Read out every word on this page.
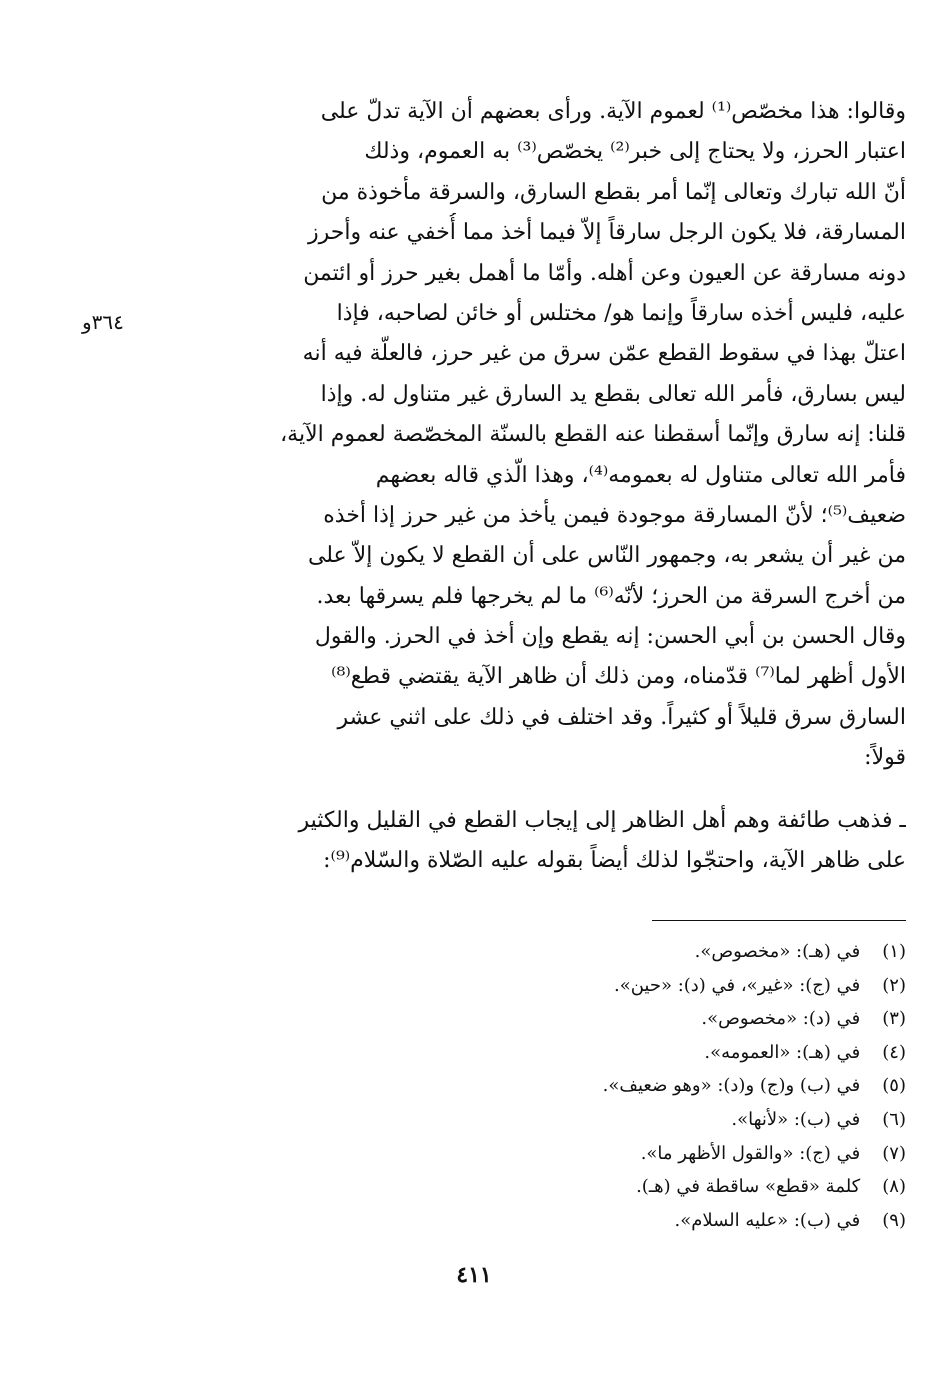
وقالوا: هذا مخصّص⁽¹⁾ لعموم الآية. ورأى بعضهم أن الآية تدلّ على
اعتبار الحرز، ولا يحتاج إلى خبر⁽²⁾ يخصّص⁽³⁾ به العموم، وذلك
أنّ الله تبارك وتعالى إنّما أمر بقطع السارق، والسرقة مأخوذة من
المسارقة، فلا يكون الرجل سارقاً إلاّ فيما أخذ مما أُخفي عنه وأحرز
دونه مسارقة عن العيون وعن أهله. وأمّا ما أهمل بغير حرز أو ائتمن
عليه، فليس أخذه سارقاً وإنما هو/ مختلس أو خائن لصاحبه، فإذا
اعتلّ بهذا في سقوط القطع عمّن سرق من غير حرز، فالعلّة فيه أنه
ليس بسارق، فأمر الله تعالى بقطع يد السارق غير متناول له. وإذا
قلنا: إنه سارق وإنّما أسقطنا عنه القطع بالسنّة المخصّصة لعموم الآية،
فأمر الله تعالى متناول له بعمومه⁽⁴⁾، وهذا الّذي قاله بعضهم
ضعيف⁽⁵⁾؛ لأنّ المسارقة موجودة فيمن يأخذ من غير حرز إذا أخذه
من غير أن يشعر به، وجمهور النّاس على أن القطع لا يكون إلاّ على
من أخرج السرقة من الحرز؛ لأنّه⁽⁶⁾ ما لم يخرجها فلم يسرقها بعد.
وقال الحسن بن أبي الحسن: إنه يقطع وإن أخذ في الحرز. والقول
الأول أظهر لما⁽⁷⁾ قدّمناه، ومن ذلك أن ظاهر الآية يقتضي قطع⁽⁸⁾
السارق سرق قليلاً أو كثيراً. وقد اختلف في ذلك على اثني عشر
قولاً:
ـ فذهب طائفة وهم أهل الظاهر إلى إيجاب القطع في القليل والكثير
على ظاهر الآية، واحتجّوا لذلك أيضاً بقوله عليه الصّلاة والسّلام⁽⁹⁾:
٣٦٤و
(١) في (هـ): «مخصوص».
(٢) في (ج): «غير»، في (د): «حين».
(٣) في (د): «مخصوص».
(٤) في (هـ): «العمومه».
(٥) في (ب) و(ج) و(د): «وهو ضعيف».
(٦) في (ب): «لأنها».
(٧) في (ج): «والقول الأظهر ما».
(٨) كلمة «قطع» ساقطة في (هـ).
(٩) في (ب): «عليه السلام».
٤١١
